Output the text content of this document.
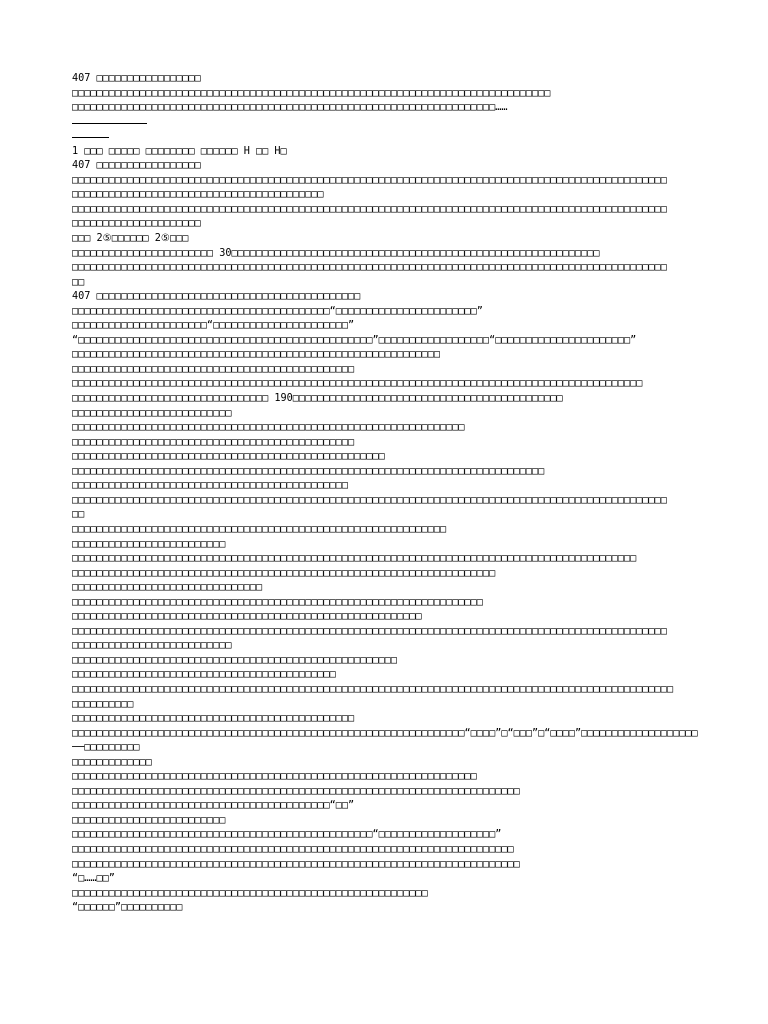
407 □□□□□□□□□□□□□□□□□
□□□□□□□□□□□□□□□□□□□□□□□□□□□□□□□□□□□□□□□□□□□□□□□□□□□□□□□□□□□□□□□□□□□□□□□□□□□□□□
□□□□□□□□□□□□□□□□□□□□□□□□□□□□□□□□□□□□□□□□□□□□□□□□□□□□□□□□□□□□□□□□□□□□□……
1 □□□ □□□□□ □□□□□□□□ □□□□□□ H □□ H□
407 □□□□□□□□□□□□□□□□□
□□□□□□□□□□□□□□□□□□□□□□□□□□□□□□□□□□□□□□□□□□□□□□□□□□□□□□□□□□□□□□□□□□□□□□□□□□□□□□□□□□□□□□□□□□□□□□□□□
□□□□□□□□□□□□□□□□□□□□□□□□□□□□□□□□□□□□□□□□□
□□□□□□□□□□□□□□□□□□□□□□□□□□□□□□□□□□□□□□□□□□□□□□□□□□□□□□□□□□□□□□□□□□□□□□□□□□□□□□□□□□□□□□□□□□□□□□□□□
□□□□□□□□□□□□□□□□□□□□□
□□□ 2⑤□□□□□□ 2⑤□□□
□□□□□□□□□□□□□□□□□□□□□□□ 30□□□□□□□□□□□□□□□□□□□□□□□□□□□□□□□□□□□□□□□□□□□□□□□□□□□□□□□□□□□□
□□□□□□□□□□□□□□□□□□□□□□□□□□□□□□□□□□□□□□□□□□□□□□□□□□□□□□□□□□□□□□□□□□□□□□□□□□□□□□□□□□□□□□□□□□□□□□□□□
□□
407 □□□□□□□□□□□□□□□□□□□□□□□□□□□□□□□□□□□□□□□□□□□
□□□□□□□□□□□□□□□□□□□□□□□□□□□□□□□□□□□□□□□□□□“□□□□□□□□□□□□□□□□□□□□□□□”
□□□□□□□□□□□□□□□□□□□□□□“□□□□□□□□□□□□□□□□□□□□□□”
“□□□□□□□□□□□□□□□□□□□□□□□□□□□□□□□□□□□□□□□□□□□□□□□□”□□□□□□□□□□□□□□□□□□“□□□□□□□□□□□□□□□□□□□□□□”
□□□□□□□□□□□□□□□□□□□□□□□□□□□□□□□□□□□□□□□□□□□□□□□□□□□□□□□□□□□□
□□□□□□□□□□□□□□□□□□□□□□□□□□□□□□□□□□□□□□□□□□□□□□
□□□□□□□□□□□□□□□□□□□□□□□□□□□□□□□□□□□□□□□□□□□□□□□□□□□□□□□□□□□□□□□□□□□□□□□□□□□□□□□□□□□□□□□□□□□□□
□□□□□□□□□□□□□□□□□□□□□□□□□□□□□□□□ 190□□□□□□□□□□□□□□□□□□□□□□□□□□□□□□□□□□□□□□□□□□□□
□□□□□□□□□□□□□□□□□□□□□□□□□□
□□□□□□□□□□□□□□□□□□□□□□□□□□□□□□□□□□□□□□□□□□□□□□□□□□□□□□□□□□□□□□□□
□□□□□□□□□□□□□□□□□□□□□□□□□□□□□□□□□□□□□□□□□□□□□□
□□□□□□□□□□□□□□□□□□□□□□□□□□□□□□□□□□□□□□□□□□□□□□□□□□□
□□□□□□□□□□□□□□□□□□□□□□□□□□□□□□□□□□□□□□□□□□□□□□□□□□□□□□□□□□□□□□□□□□□□□□□□□□□□□
□□□□□□□□□□□□□□□□□□□□□□□□□□□□□□□□□□□□□□□□□□□□□
□□□□□□□□□□□□□□□□□□□□□□□□□□□□□□□□□□□□□□□□□□□□□□□□□□□□□□□□□□□□□□□□□□□□□□□□□□□□□□□□□□□□□□□□□□□□□□□□□
□□
□□□□□□□□□□□□□□□□□□□□□□□□□□□□□□□□□□□□□□□□□□□□□□□□□□□□□□□□□□□□□
□□□□□□□□□□□□□□□□□□□□□□□□□
□□□□□□□□□□□□□□□□□□□□□□□□□□□□□□□□□□□□□□□□□□□□□□□□□□□□□□□□□□□□□□□□□□□□□□□□□□□□□□□□□□□□□□□□□□□□
□□□□□□□□□□□□□□□□□□□□□□□□□□□□□□□□□□□□□□□□□□□□□□□□□□□□□□□□□□□□□□□□□□□□□
□□□□□□□□□□□□□□□□□□□□□□□□□□□□□□□
□□□□□□□□□□□□□□□□□□□□□□□□□□□□□□□□□□□□□□□□□□□□□□□□□□□□□□□□□□□□□□□□□□□
□□□□□□□□□□□□□□□□□□□□□□□□□□□□□□□□□□□□□□□□□□□□□□□□□□□□□□□□□
□□□□□□□□□□□□□□□□□□□□□□□□□□□□□□□□□□□□□□□□□□□□□□□□□□□□□□□□□□□□□□□□□□□□□□□□□□□□□□□□□□□□□□□□□□□□□□□□□
□□□□□□□□□□□□□□□□□□□□□□□□□□
□□□□□□□□□□□□□□□□□□□□□□□□□□□□□□□□□□□□□□□□□□□□□□□□□□□□□
□□□□□□□□□□□□□□□□□□□□□□□□□□□□□□□□□□□□□□□□□□□
□□□□□□□□□□□□□□□□□□□□□□□□□□□□□□□□□□□□□□□□□□□□□□□□□□□□□□□□□□□□□□□□□□□□□□□□□□□□□□□□□□□□□□□□□□□□□□□□□□
□□□□□□□□□□
□□□□□□□□□□□□□□□□□□□□□□□□□□□□□□□□□□□□□□□□□□□□□□
□□□□□□□□□□□□□□□□□□□□□□□□□□□□□□□□□□□□□□□□□□□□□□□□□□□□□□□□□□□□□□□□“□□□□”□“□□□”□“□□□□”□□□□□□□□□□□□□□□□□□□
──□□□□□□□□□
□□□□□□□□□□□□□
□□□□□□□□□□□□□□□□□□□□□□□□□□□□□□□□□□□□□□□□□□□□□□□□□□□□□□□□□□□□□□□□□□
□□□□□□□□□□□□□□□□□□□□□□□□□□□□□□□□□□□□□□□□□□□□□□□□□□□□□□□□□□□□□□□□□□□□□□□□□
□□□□□□□□□□□□□□□□□□□□□□□□□□□□□□□□□□□□□□□□□□“□□”
□□□□□□□□□□□□□□□□□□□□□□□□□
□□□□□□□□□□□□□□□□□□□□□□□□□□□□□□□□□□□□□□□□□□□□□□□□□“□□□□□□□□□□□□□□□□□□□”
□□□□□□□□□□□□□□□□□□□□□□□□□□□□□□□□□□□□□□□□□□□□□□□□□□□□□□□□□□□□□□□□□□□□□□□□
□□□□□□□□□□□□□□□□□□□□□□□□□□□□□□□□□□□□□□□□□□□□□□□□□□□□□□□□□□□□□□□□□□□□□□□□□
“□……□□”
□□□□□□□□□□□□□□□□□□□□□□□□□□□□□□□□□□□□□□□□□□□□□□□□□□□□□□□□□□
“□□□□□□”□□□□□□□□□□
